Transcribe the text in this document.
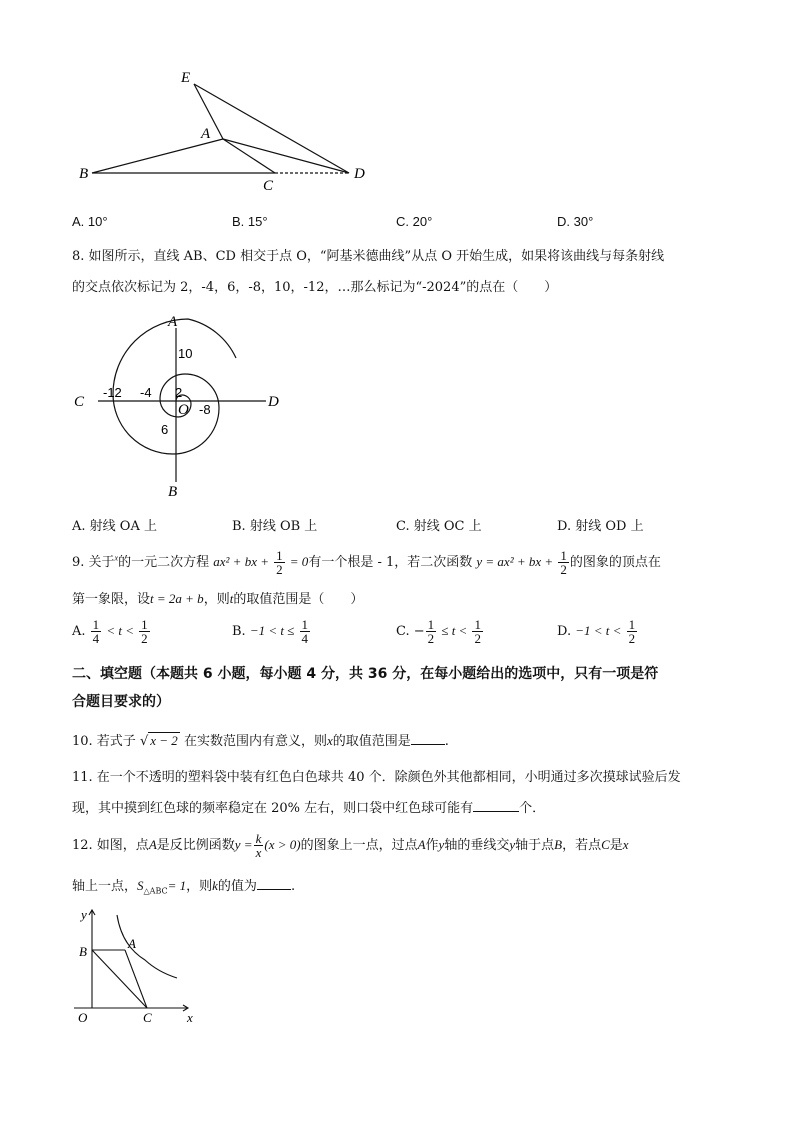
E
A
B
C
D
A. 10°	B. 15°	C. 20°	D. 30°
8. 如图所示，直线 AB、CD 相交于点 O，“阿基米德曲线”从点 O 开始生成，如果将该曲线与每条射线
的交点依次标记为 2，-4，6，-8，10，-12，…那么标记为“-2024”的点在（　　）
A
B
C	D
O
10
-12 -4 2
-8
6
A. 射线 OA 上	B. 射线 OB 上	C. 射线 OC 上	D. 射线 OD 上
9. 关于$^x$的一元二次方程 ax² + bx + $\frac{1}{2} = 0$有一个根是 - 1，若二次函数 y = ax² + bx + $\frac{1}{2}$ 的图象的顶点在
第一象限，设t = 2a + b，则t的取值范围是（　　）
A. $\frac{1}{4} < t < \frac{1}{2}$	B. $-1 < t \le \frac{1}{4}$	C. − $\frac{1}{2} \le t < \frac{1}{2}$	D. $-1 < t < \frac{1}{2}$
二、填空题（本题共 6 小题，每小题 4 分，共 36 分，在每小题给出的选项中，只有一项是符
合题目要求的）
10. 若式子 √ x − 2 在实数范围内有意义，则x的取值范围是	.
11. 在一个不透明的塑料袋中装有红色白色球共 40 个．除颜色外其他都相同，小明通过多次摸球试验后发
现，其中摸到红色球的频率稳定在 20% 左右，则口袋中红色球可能有	个．
12. 如图，点A是反比例函数$y = \frac{k}{x} (x > 0)$的图象上一点，过点A作y轴的垂线交y轴于点B，若点C是x
轴上一点，$S_{\triangle ABC}= 1$，则k的值为	.
y
x
B
A
O	C
